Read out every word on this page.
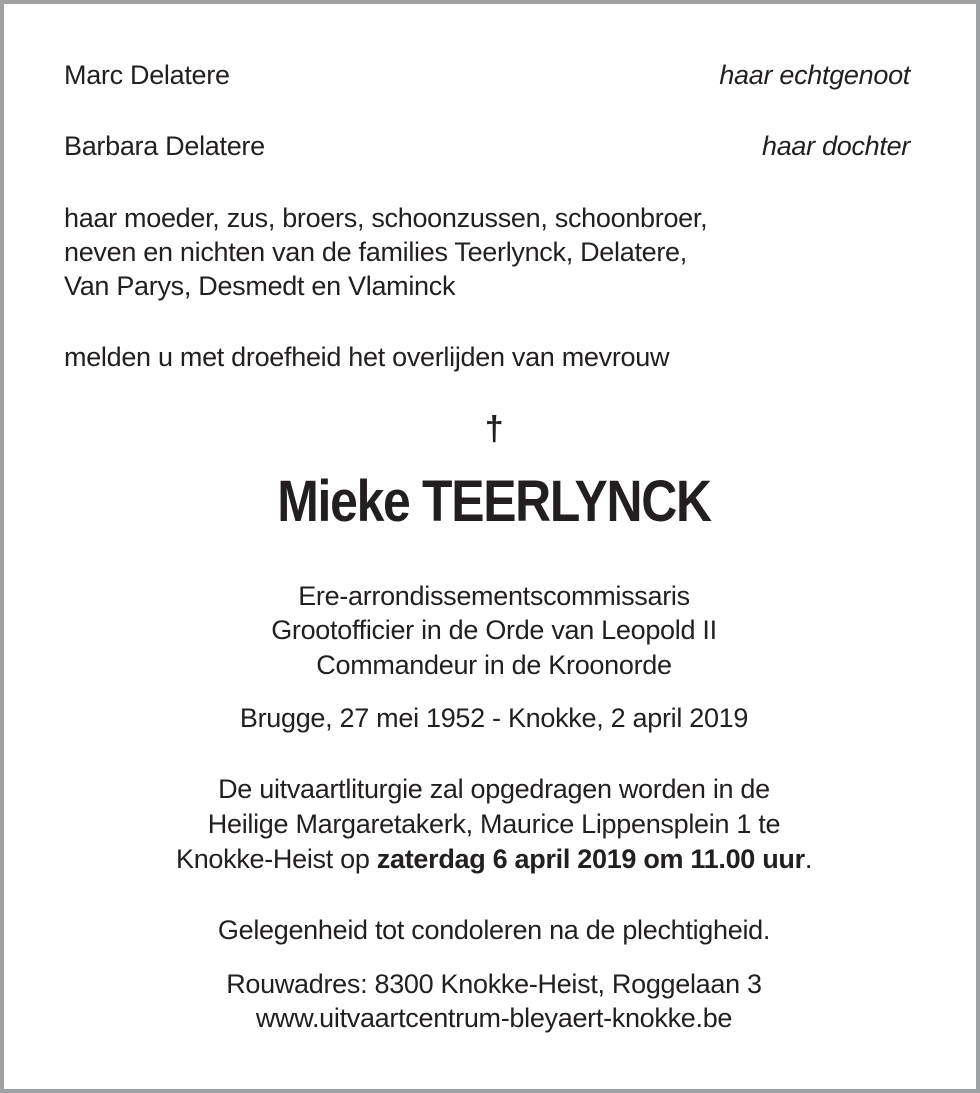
Marc Delatere	haar echtgenoot
Barbara Delatere	haar dochter
haar moeder, zus, broers, schoonzussen, schoonbroer,
neven en nichten van de families Teerlynck, Delatere,
Van Parys, Desmedt en Vlaminck
melden u met droefheid het overlijden van mevrouw
†
Mieke TEERLYNCK
Ere-arrondissementscommissaris
Grootofficier in de Orde van Leopold II
Commandeur in de Kroonorde
Brugge, 27 mei 1952 - Knokke, 2 april 2019
De uitvaartliturgie zal opgedragen worden in de
Heilige Margaretakerk, Maurice Lippensplein 1 te
Knokke-Heist op zaterdag 6 april 2019 om 11.00 uur.
Gelegenheid tot condoleren na de plechtigheid.
Rouwadres: 8300 Knokke-Heist, Roggelaan 3
www.uitvaartcentrum-bleyaert-knokke.be
